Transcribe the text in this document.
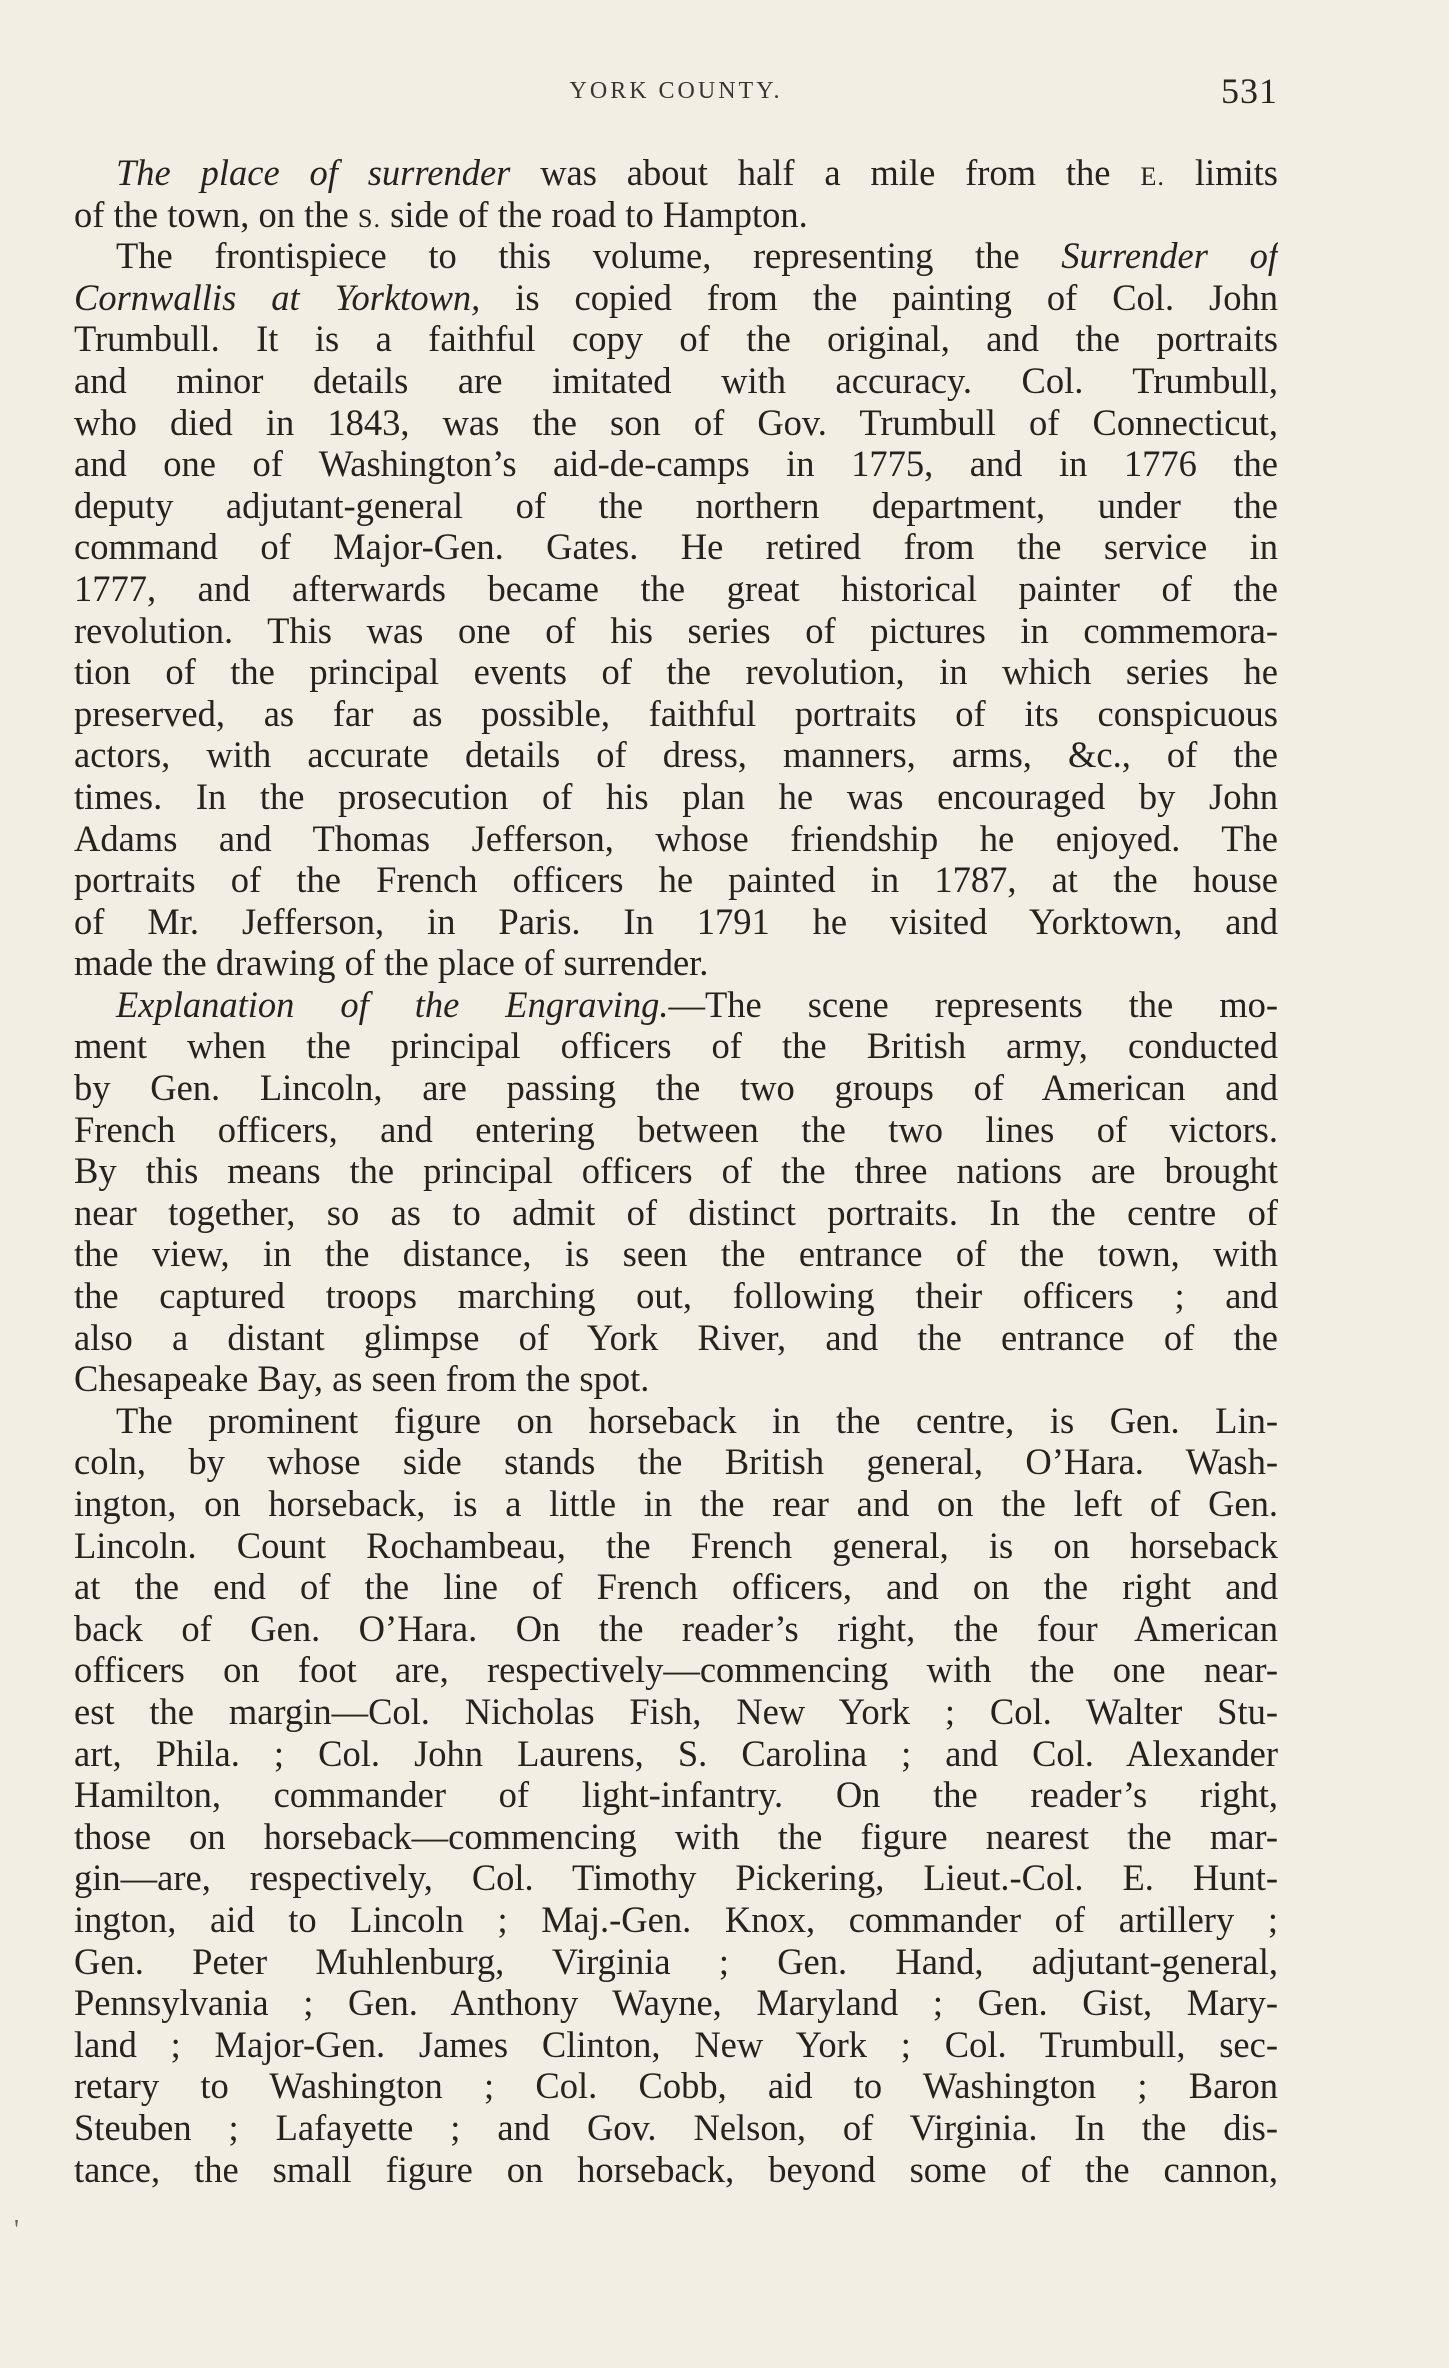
YORK COUNTY.	531
The place of surrender was about half a mile from the E. limits
of the town, on the S. side of the road to Hampton.
The frontispiece to this volume, representing the Surrender of
Cornwallis at Yorktown, is copied from the painting of Col. John
Trumbull. It is a faithful copy of the original, and the portraits
and minor details are imitated with accuracy. Col. Trumbull,
who died in 1843, was the son of Gov. Trumbull of Connecticut,
and one of Washington’s aid-de-camps in 1775, and in 1776 the
deputy adjutant-general of the northern department, under the
command of Major-Gen. Gates. He retired from the service in
1777, and afterwards became the great historical painter of the
revolution. This was one of his series of pictures in commemora-
tion of the principal events of the revolution, in which series he
preserved, as far as possible, faithful portraits of its conspicuous
actors, with accurate details of dress, manners, arms, &c., of the
times. In the prosecution of his plan he was encouraged by John
Adams and Thomas Jefferson, whose friendship he enjoyed. The
portraits of the French officers he painted in 1787, at the house
of Mr. Jefferson, in Paris. In 1791 he visited Yorktown, and
made the drawing of the place of surrender.
Explanation of the Engraving.—The scene represents the mo-
ment when the principal officers of the British army, conducted
by Gen. Lincoln, are passing the two groups of American and
French officers, and entering between the two lines of victors.
By this means the principal officers of the three nations are brought
near together, so as to admit of distinct portraits. In the centre of
the view, in the distance, is seen the entrance of the town, with
the captured troops marching out, following their officers ; and
also a distant glimpse of York River, and the entrance of the
Chesapeake Bay, as seen from the spot.
The prominent figure on horseback in the centre, is Gen. Lin-
coln, by whose side stands the British general, O’Hara. Wash-
ington, on horseback, is a little in the rear and on the left of Gen.
Lincoln. Count Rochambeau, the French general, is on horseback
at the end of the line of French officers, and on the right and
back of Gen. O’Hara. On the reader’s right, the four American
officers on foot are, respectively—commencing with the one near-
est the margin—Col. Nicholas Fish, New York ; Col. Walter Stu-
art, Phila. ; Col. John Laurens, S. Carolina ; and Col. Alexander
Hamilton, commander of light-infantry. On the reader’s right,
those on horseback—commencing with the figure nearest the mar-
gin—are, respectively, Col. Timothy Pickering, Lieut.-Col. E. Hunt-
ington, aid to Lincoln ; Maj.-Gen. Knox, commander of artillery ;
Gen. Peter Muhlenburg, Virginia ; Gen. Hand, adjutant-general,
Pennsylvania ; Gen. Anthony Wayne, Maryland ; Gen. Gist, Mary-
land ; Major-Gen. James Clinton, New York ; Col. Trumbull, sec-
retary to Washington ; Col. Cobb, aid to Washington ; Baron
Steuben ; Lafayette ; and Gov. Nelson, of Virginia. In the dis-
tance, the small figure on horseback, beyond some of the cannon,
'
